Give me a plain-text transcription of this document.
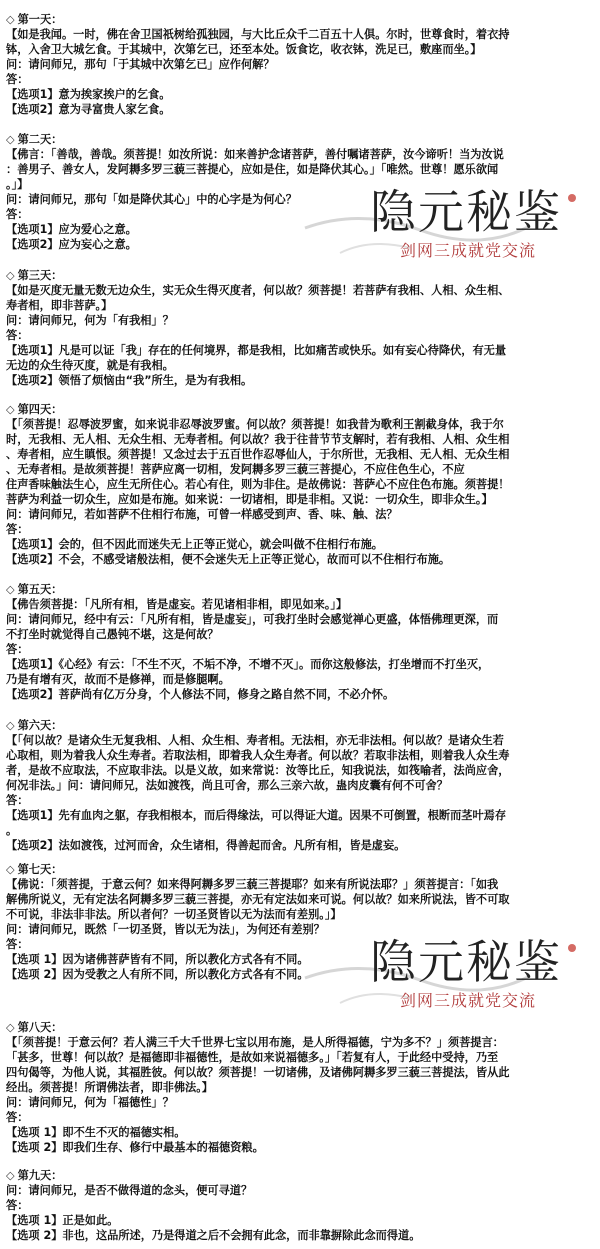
◇ 第一天：
【如是我闻。一时，佛在舍卫国祇树给孤独园，与大比丘众千二百五十人俱。尔时，世尊食时，着衣持
钵，入舍卫大城乞食。于其城中，次第乞已，还至本处。饭食讫，收衣钵，洗足已，敷座而坐。】
问：请问师兄，那句「于其城中次第乞已」应作何解？
答：
【选项1】意为挨家挨户的乞食。
【选项2】意为寻富贵人家乞食。
◇ 第二天：
【佛言：「善哉，善哉。须菩提！如汝所说：如来善护念诸菩萨，善付嘱诸菩萨，汝今谛听！当为汝说
：善男子、善女人，发阿耨多罗三藐三菩提心，应如是住，如是降伏其心。」「唯然。世尊！愿乐欲闻
。」】
问：请问师兄，那句「如是降伏其心」中的心字是为何心？
答：
【选项1】应为爱心之意。
【选项2】应为妄心之意。
◇ 第三天：
【如是灭度无量无数无边众生，实无众生得灭度者，何以故？须菩提！若菩萨有我相、人相、众生相、
寿者相，即非菩萨。】
问：请问师兄，何为「有我相」？
答：
【选项1】凡是可以证「我」存在的任何境界，都是我相，比如痛苦或快乐。如有妄心待降伏，有无量
无边的众生待灭度，就是有我相。
【选项2】领悟了烦恼由“我”所生，是为有我相。
◇ 第四天：
【「须菩提！忍辱波罗蜜，如来说非忍辱波罗蜜。何以故？须菩提！如我昔为歌利王割截身体，我于尔
时，无我相、无人相、无众生相、无寿者相。何以故？我于往昔节节支解时，若有我相、人相、众生相
、寿者相，应生瞋恨。须菩提！又念过去于五百世作忍辱仙人，于尔所世，无我相、无人相、无众生相
、无寿者相。是故须菩提！菩萨应离一切相，发阿耨多罗三藐三菩提心，不应住色生心，不应
住声香味触法生心，应生无所住心。若心有住，则为非住。是故佛说：菩萨心不应住色布施。须菩提！
菩萨为利益一切众生，应如是布施。如来说：一切诸相，即是非相。又说：一切众生，即非众生。】
问：请问师兄，若如菩萨不住相行布施，可曾一样感受到声、香、味、触、法？
答：
【选项1】会的，但不因此而迷失无上正等正觉心，就会叫做不住相行布施。
【选项2】不会，不感受诸般法相，便不会迷失无上正等正觉心，故而可以不住相行布施。
◇ 第五天：
【佛告须菩提：「凡所有相，皆是虚妄。若见诸相非相，即见如来。」】
问：请问师兄，经中有云：「凡所有相，皆是虚妄」，可我打坐时会感觉禅心更盛，体悟佛理更深，而
不打坐时就觉得自己愚钝不堪，这是何故？
答：
【选项1】《心经》有云：「不生不灭，不垢不净，不增不灭」。而你这般修法，打坐增而不打坐灭，
乃是有增有灭，故而不是修禅，而是修腿啊。
【选项2】菩萨尚有亿万分身，个人修法不同，修身之路自然不同，不必介怀。
◇ 第六天：
【「何以故？是诸众生无复我相、人相、众生相、寿者相。无法相，亦无非法相。何以故？是诸众生若
心取相，则为着我人众生寿者。若取法相，即着我人众生寿者。何以故？若取非法相，则着我人众生寿
者，是故不应取法，不应取非法。以是义故，如来常说：汝等比丘，知我说法，如筏喻者，法尚应舍，
何况非法。」问：请问师兄，法如渡筏，尚且可舍，那么三亲六故，蛊肉皮囊有何不可舍？
答：
【选项1】先有血肉之躯，存我相根本，而后得缘法，可以得证大道。因果不可倒置，根断而茎叶焉存
。
【选项2】法如渡筏，过河而舍，众生诸相，得善起而舍。凡所有相，皆是虚妄。
◇ 第七天：
【佛说：「须菩提，于意云何？如来得阿耨多罗三藐三菩提耶？如来有所说法耶？」须菩提言：「如我
解佛所说义，无有定法名阿耨多罗三藐三菩提，亦无有定法如来可说。何以故？如来所说法，皆不可取
不可说，非法非非法。所以者何？一切圣贤皆以无为法而有差别。」】
问：请问师兄，既然「一切圣贤，皆以无为法」，为何还有差别？
答：
【选项 1】因为诸佛菩萨皆有不同，所以教化方式各有不同。
【选项 2】因为受教之人有所不同，所以教化方式各有不同。
◇ 第八天：
【「须菩提！于意云何？若人满三千大千世界七宝以用布施，是人所得福德，宁为多不？」须菩提言：
「甚多，世尊！何以故？是福德即非福德性，是故如来说福德多。」「若复有人，于此经中受持，乃至
四句偈等，为他人说，其福胜彼。何以故？须菩提！一切诸佛，及诸佛阿耨多罗三藐三菩提法，皆从此
经出。须菩提！所谓佛法者，即非佛法。】
问：请问师兄，何为「福德性」？
答：
【选项 1】即不生不灭的福德实相。
【选项 2】即我们生存、修行中最基本的福德资粮。
◇ 第九天：
问：请问师兄，是否不做得道的念头，便可寻道？
答：
【选项 1】正是如此。
【选项 2】非也，这品所述，乃是得道之后不会拥有此念，而非靠摒除此念而得道。
隐元秘鉴
剑网三成就党交流
隐元秘鉴
剑网三成就党交流
